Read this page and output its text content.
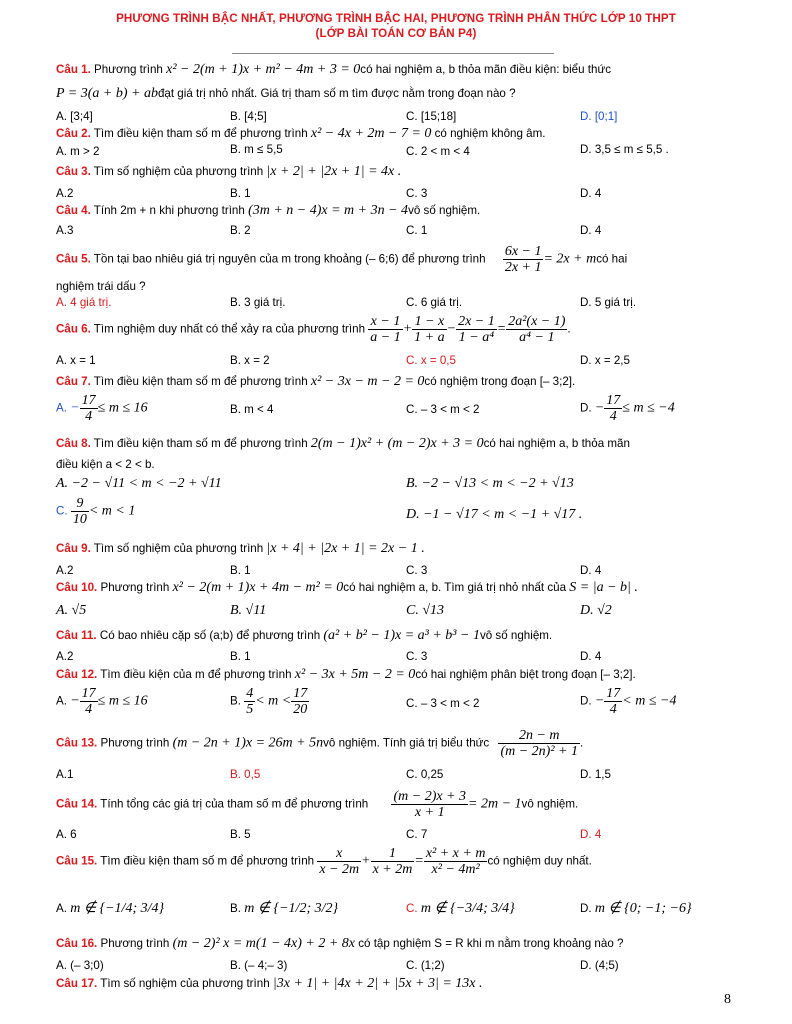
PHƯƠNG TRÌNH BẬC NHẤT, PHƯƠNG TRÌNH BẬC HAI, PHƯƠNG TRÌNH PHÂN THỨC LỚP 10 THPT
(LỚP BÀI TOÁN CƠ BẢN P4)
Câu 1. Phương trình x² − 2(m + 1)x + m² − 4m + 3 = 0có hai nghiệm a, b thỏa mãn điều kiện: biểu thức
P = 3(a + b) + abđạt giá trị nhỏ nhất. Giá trị tham số m tìm được nằm trong đoạn nào ?
A. [3;4]	B. [4;5]	C. [15;18]	D. [0;1]
Câu 2. Tìm điều kiện tham số m để phương trình x² − 4x + 2m − 7 = 0 có nghiệm không âm.
A. m > 2	B. m ≤ 5,5	C. 2 < m < 4	D. 3,5 ≤ m ≤ 5,5 .
Câu 3. Tìm số nghiệm của phương trình |x + 2| + |2x + 1| = 4x .
A.2	B. 1	C. 3	D. 4
Câu 4. Tính 2m + n khi phương trình (3m + n − 4)x = m + 3n − 4vô số nghiệm.
A.3	B. 2	C. 1	D. 4
Câu 5. Tồn tại bao nhiêu giá trị nguyên của m trong khoảng (– 6;6) để phương trình $\frac{6x - 1}{2x + 1} = 2x$ + mcó hai
nghiệm trái dấu ?
A. 4 giá trị.	B. 3 giá trị.	C. 6 giá trị.	D. 5 giá trị.
Câu 6. Tìm nghiệm duy nhất có thể xảy ra của phương trình $\frac{x - 1}{a - 1} + \frac{1 - x}{1 + a} - \frac{2x - 1}{\text{1 − a⁴}} = \frac{\text{2a²(x − 1)}}{\text{a⁴ − 1}}$ .
A. x = 1	B. x = 2	C. x = 0,5	D. x = 2,5
Câu 7. Tìm điều kiện tham số m để phương trình x² − 3x − m − 2 = 0có nghiệm trong đoạn [– 3;2].
A. − $\frac{17}{4} \le m \le 16$	B. m < 4	C. – 3 < m < 2	D. − $\frac{17}{4} \le m \le -4$
Câu 8. Tìm điều kiện tham số m để phương trình 2(m − 1)x² + (m − 2)x + 3 = 0có hai nghiệm a, b thỏa mãn
điều kiện a < 2 < b.
A. −2 − √11 < m < −2 + √11	B. −2 − √13 < m < −2 + √13
C. $\frac{9}{10} < m < 1$	D. −1 − √17 < m < −1 + √17 .
Câu 9. Tìm số nghiệm của phương trình |x + 4| + |2x + 1| = 2x − 1 .
A.2	B. 1	C. 3	D. 4
Câu 10. Phương trình x² − 2(m + 1)x + 4m − m² = 0có hai nghiệm a, b. Tìm giá trị nhỏ nhất của S = |a − b| .
A. √5	B. √11	C. √13	D. √2
Câu 11. Có bao nhiêu cặp số (a;b) để phương trình (a² + b² − 1)x = a³ + b³ − 1vô số nghiệm.
A.2	B. 1	C. 3	D. 4
Câu 12. Tìm điều kiện của m để phương trình x² − 3x + 5m − 2 = 0có hai nghiệm phân biệt trong đoạn [– 3;2].
A. − $\frac{17}{4} \le m \le 16$	B. $\frac{4}{5} < m < \frac{17}{20}$	C. – 3 < m < 2	D. − $\frac{17}{4} < m \le -4$
Câu 13. Phương trình (m − 2n + 1)x = 26m + 5nvô nghiệm. Tính giá trị biểu thức $\frac{2n - m}{\text{(m − 2n)² + 1}}$ .
A.1	B. 0,5	C. 0,25	D. 1,5
Câu 14. Tính tổng các giá trị của tham số m để phương trình $\frac{(m - 2)x + 3}{x + 1} = 2m$ − 1vô nghiệm.
A. 6	B. 5	C. 7	D. 4
Câu 15. Tìm điều kiện tham số m để phương trình $\frac{x}{x - 2m} + \frac{1}{x + 2m} = \frac{\text{x² + x + m}}{\text{x² − 4m²}}$ có nghiệm duy nhất.
A. m ∉ {−1/4; 3/4}	B. m ∉ {−1/2; 3/2}	C. m ∉ {−3/4; 3/4}	D. m ∉ {0; −1; −6}
Câu 16. Phương trình (m − 2)² x = m(1 − 4x) + 2 + 8x có tập nghiệm S = R khi m nằm trong khoảng nào ?
A. (– 3;0)	B. (– 4;– 3)	C. (1;2)	D. (4;5)
Câu 17. Tìm số nghiệm của phương trình |3x + 1| + |4x + 2| + |5x + 3| = 13x .
8
